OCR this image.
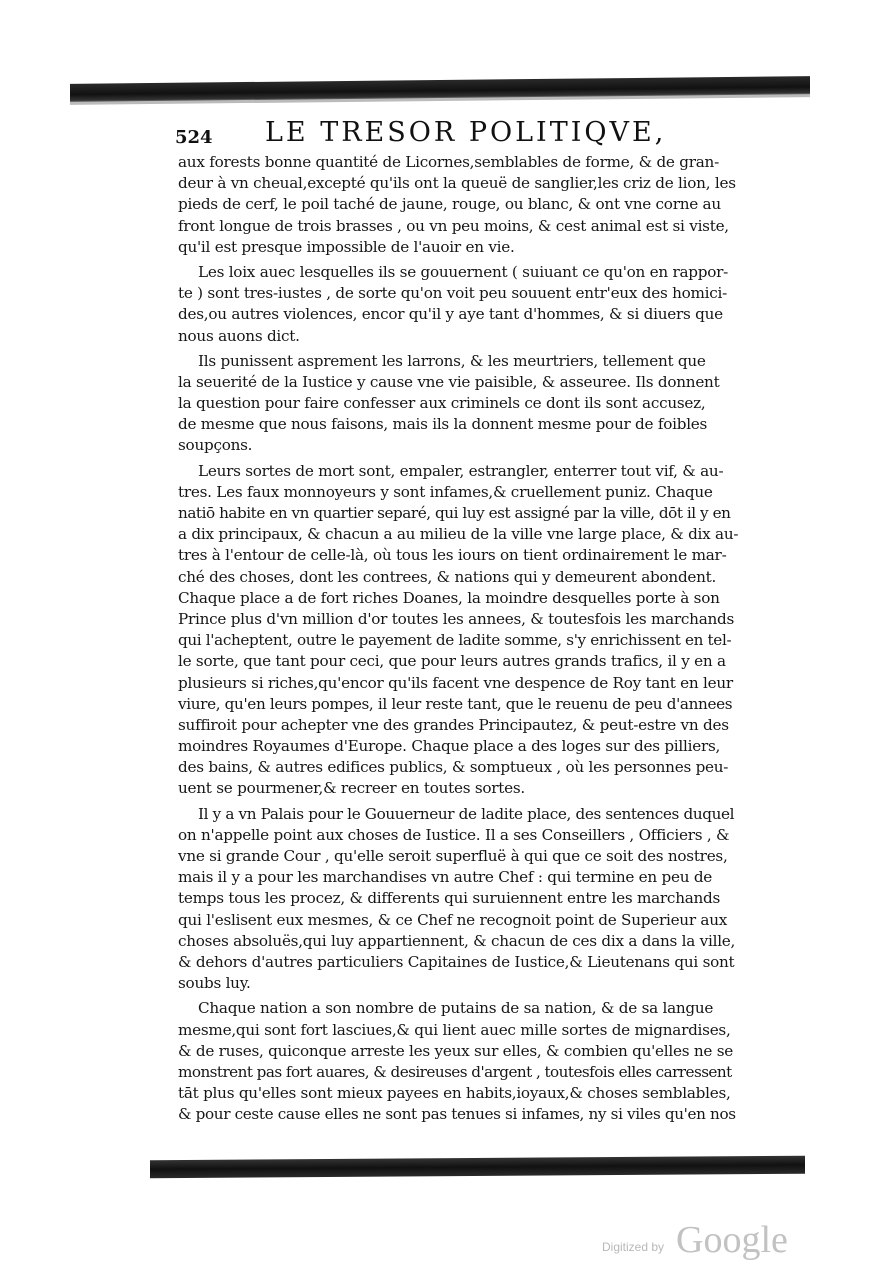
524 LE TRESOR POLITIQVE,
aux forests bonne quantité de Licornes,semblables de forme, & de gran-
deur à vn cheual,excepté qu'ils ont la queuë de sanglier,les criz de lion, les
pieds de cerf, le poil taché de jaune, rouge, ou blanc, & ont vne corne au
front longue de trois brasses , ou vn peu moins, & cest animal est si viste,
qu'il est presque impossible de l'auoir en vie.
Les loix auec lesquelles ils se gouuernent ( suiuant ce qu'on en rappor-
te ) sont tres-iustes , de sorte qu'on voit peu souuent entr'eux des homici-
des,ou autres violences, encor qu'il y aye tant d'hommes, & si diuers que
nous auons dict.
Ils punissent asprement les larrons, & les meurtriers, tellement que
la seuerité de la Iustice y cause vne vie paisible, & asseuree. Ils donnent
la question pour faire confesser aux criminels ce dont ils sont accusez,
de mesme que nous faisons, mais ils la donnent mesme pour de foibles
soupçons.
Leurs sortes de mort sont, empaler, estrangler, enterrer tout vif, & au-
tres. Les faux monnoyeurs y sont infames,& cruellement puniz. Chaque
natiō habite en vn quartier separé, qui luy est assigné par la ville, dōt il y en
a dix principaux, & chacun a au milieu de la ville vne large place, & dix au-
tres à l'entour de celle-là, où tous les iours on tient ordinairement le mar-
ché des choses, dont les contrees, & nations qui y demeurent abondent.
Chaque place a de fort riches Doanes, la moindre desquelles porte à son
Prince plus d'vn million d'or toutes les annees, & toutesfois les marchands
qui l'acheptent, outre le payement de ladite somme, s'y enrichissent en tel-
le sorte, que tant pour ceci, que pour leurs autres grands trafics, il y en a
plusieurs si riches,qu'encor qu'ils facent vne despence de Roy tant en leur
viure, qu'en leurs pompes, il leur reste tant, que le reuenu de peu d'annees
suffiroit pour achepter vne des grandes Principautez, & peut-estre vn des
moindres Royaumes d'Europe. Chaque place a des loges sur des pilliers,
des bains, & autres edifices publics, & somptueux , où les personnes peu-
uent se pourmener,& recreer en toutes sortes.
Il y a vn Palais pour le Gouuerneur de ladite place, des sentences duquel
on n'appelle point aux choses de Iustice. Il a ses Conseillers , Officiers , &
vne si grande Cour , qu'elle seroit superfluë à qui que ce soit des nostres,
mais il y a pour les marchandises vn autre Chef : qui termine en peu de
temps tous les procez, & differents qui suruiennent entre les marchands
qui l'eslisent eux mesmes, & ce Chef ne recognoit point de Superieur aux
choses absoluës,qui luy appartiennent, & chacun de ces dix a dans la ville,
& dehors d'autres particuliers Capitaines de Iustice,& Lieutenans qui sont
soubs luy.
Chaque nation a son nombre de putains de sa nation, & de sa langue
mesme,qui sont fort lasciues,& qui lient auec mille sortes de mignardises,
& de ruses, quiconque arreste les yeux sur elles, & combien qu'elles ne se
monstrent pas fort auares, & desireuses d'argent , toutesfois elles carressent
tāt plus qu'elles sont mieux payees en habits,ioyaux,& choses semblables,
& pour ceste cause elles ne sont pas tenues si infames, ny si viles qu'en nos
Digitized by Google
